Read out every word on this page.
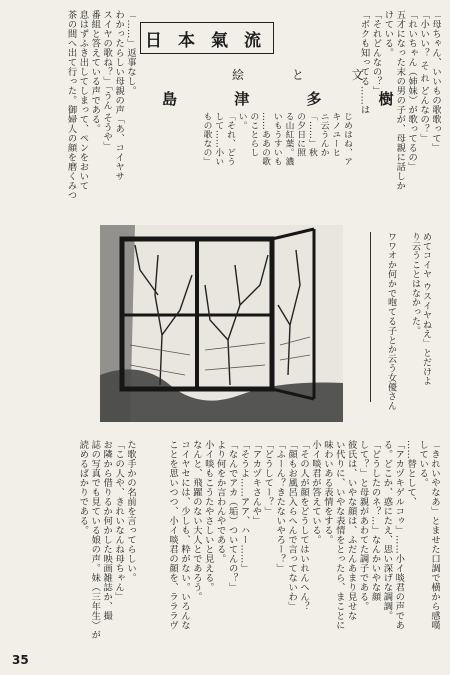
「母ちゃん、いいもの歌歌って」
「小いい？ そ れ どんなの？」
「れいちゃん（姉妹）が歌ってるの」
五才になった末の男の子が、母親に話しか
けている。
「それどんなの？」
「ボクも知ってる……は
日 本 氣 流
絵 と 文
島 津 多 樹
じめはね、ア
キノユーヒ
ニ云うんか
「……」秋
の夕日に照
る山紅葉。濃
いもうすいも
……ああの歌
のことらし
い。
「それ、どう
して……小い
もの歌なの」
「……」返事なし。
わかったらしい母親の声「あ、コイヤサ
スイヤの歌ね？」「うん そうや」
番組と答えている声である。
息はずふき出してしまって、ペンをおいて
茶の間へ出て行った。御婦人の顔を磨くみつ
めてコイヤ ウスイヤねえ」とだけより云うことはなかった。
ワワオか何かで咆てる子とか云う女優さん
た歌手かの名前を言ってらしい。
「この人や、きれいなんね母ちゃん」
お隣から借りるか何かした映画雑誌か、撮
誌の写真でも見ている娘の声。妹（三年生）が
読めるばかりである。	「きれいやなあ」とませた口調で横から感嘆
している。
……替として、
「アカヅキゲルコゥ」……小イ啖君の声であ
る。どこか、惑にたえ、思い深げな調調。
「どうしたのネ？…」なんかいやな顔
して？」と母親があわてた調子である。
彼氏は、いやな顔は、ふだんあまり見せな
い代りに、いやな表情をとったら、まことに
味わいある表情をする。
小イ啖君が答えている。
「その人が顔をどうしてはいれんへん？
「顔もお風呂入らへんで言ってないわ」
「ふーん？きたないやろー？」
「どうしてー？」
「アカヅキさんや」
「そうよ……アア、ハー……」
「なんでアカ（垢）ついてんの？」
より何をか言わんやである。
小イ啖もこうたやさしいと見える。
なんと、飛躍のない大人とであろう。
コイヤセには、少しも、粋がない。いろんな
ことを思いつつ、小イ啖君の顔を、ラララヴ
35
